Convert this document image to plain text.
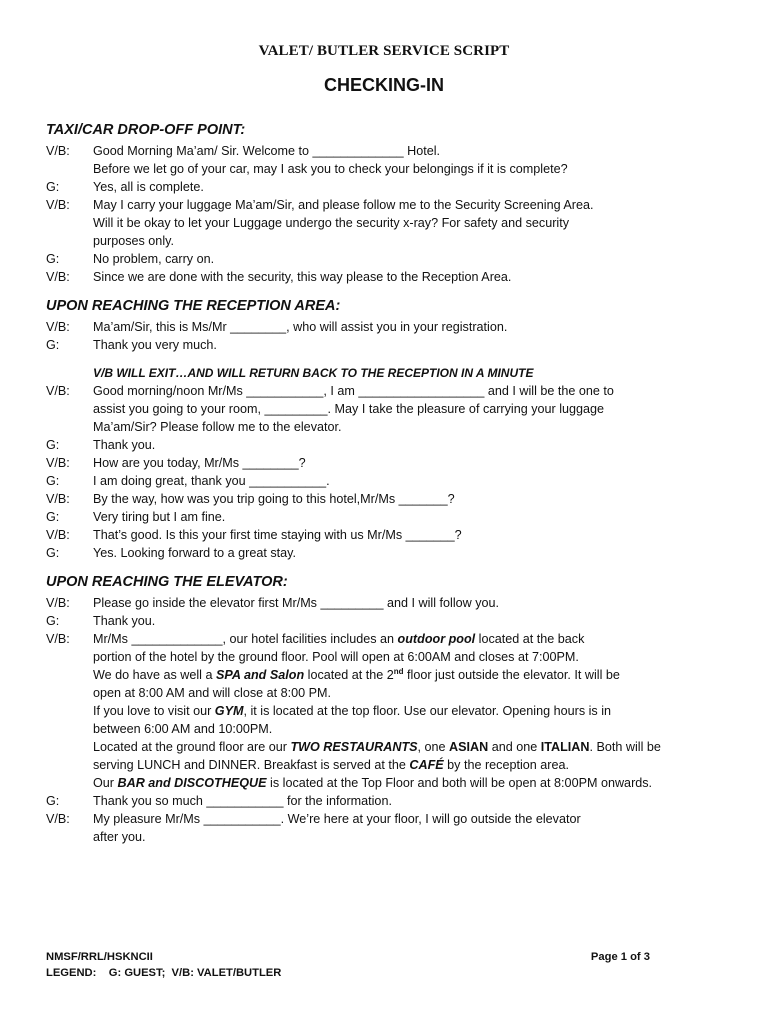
VALET/ BUTLER SERVICE SCRIPT
CHECKING-IN
TAXI/CAR DROP-OFF POINT:
V/B:	Good Morning Ma’am/ Sir. Welcome to _____________ Hotel.
Before we let go of your car, may I ask you to check your belongings if it is complete?
G:	Yes, all is complete.
V/B:	May I carry your luggage Ma’am/Sir, and please follow me to the Security Screening Area.
Will it be okay to let your Luggage undergo the security x-ray? For safety and security
purposes only.
G:	No problem, carry on.
V/B:	Since we are done with the security, this way please to the Reception Area.
UPON REACHING THE RECEPTION AREA:
V/B:	Ma’am/Sir, this is Ms/Mr ________, who will assist you in your registration.
G:	Thank you very much.
V/B WILL EXIT…AND WILL RETURN BACK TO THE RECEPTION IN A MINUTE
V/B:	Good morning/noon Mr/Ms ___________, I am __________________ and I will be the one to
assist you going to your room, _________. May I take the pleasure of carrying your luggage
Ma’am/Sir? Please follow me to the elevator.
G:	Thank you.
V/B:	How are you today, Mr/Ms ________?
G:	I am doing great, thank you ___________.
V/B:	By the way, how was you trip going to this hotel,Mr/Ms _______?
G:	Very tiring but I am fine.
V/B:	That’s good. Is this your first time staying with us Mr/Ms _______?
G:	Yes. Looking forward to a great stay.
UPON REACHING THE ELEVATOR:
V/B:	Please go inside the elevator first Mr/Ms _________ and I will follow you.
G:	Thank you.
V/B:	Mr/Ms _____________, our hotel facilities includes an outdoor pool located at the back
portion of the hotel by the ground floor. Pool will open at 6:00AM and closes at 7:00PM.
We do have as well a SPA and Salon located at the 2nd floor just outside the elevator. It will be
open at 8:00 AM and will close at 8:00 PM.
If you love to visit our GYM, it is located at the top floor. Use our elevator. Opening hours is in
between 6:00 AM and 10:00PM.
Located at the ground floor are our TWO RESTAURANTS, one ASIAN and one ITALIAN. Both will be
serving LUNCH and DINNER. Breakfast is served at the CAFÉ by the reception area.
Our BAR and DISCOTHEQUE is located at the Top Floor and both will be open at 8:00PM onwards.
G:	Thank you so much ___________ for the information.
V/B:	My pleasure Mr/Ms ___________. We’re here at your floor, I will go outside the elevator
after you.
NMSF/RRL/HSKNCII
LEGEND:    G: GUEST;  V/B: VALET/BUTLER
Page 1 of 3
